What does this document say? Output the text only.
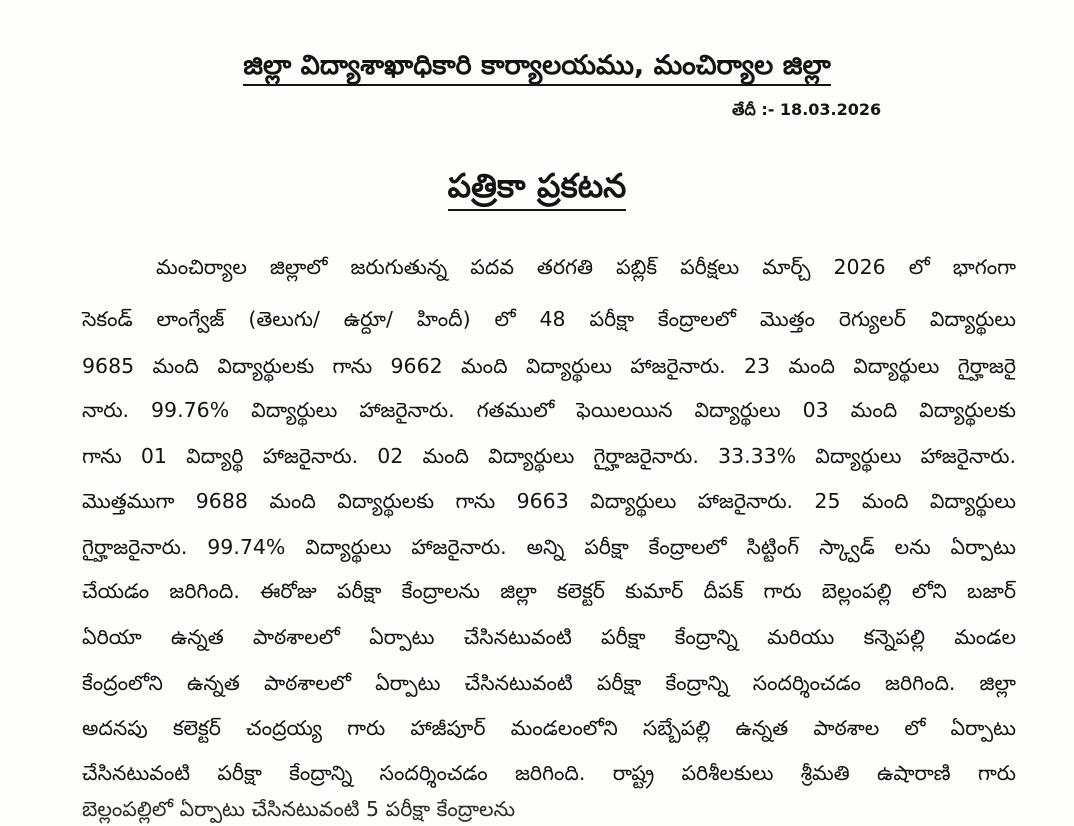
జిల్లా విద్యాశాఖాధికారి కార్యాలయము, మంచిర్యాల జిల్లా
తేదీ :- 18.03.2026
పత్రికా ప్రకటన
మంచిర్యాల జిల్లాలో జరుగుతున్న పదవ తరగతి పబ్లిక్ పరీక్షలు మార్చ్ 2026 లో భాగంగా
సెకండ్ లాంగ్వేజ్ (తెలుగు/ ఉర్దూ/ హిందీ) లో 48 పరీక్షా కేంద్రాలలో మొత్తం రెగ్యులర్ విద్యార్థులు
9685 మంది విద్యార్థులకు గాను 9662 మంది విద్యార్థులు హాజరైనారు. 23 మంది విద్యార్థులు గైర్హాజరై
నారు. 99.76% విద్యార్థులు హాజరైనారు. గతములో ఫెయిలయిన విద్యార్థులు 03 మంది విద్యార్థులకు
గాను 01 విద్యార్థి హాజరైనారు. 02 మంది విద్యార్థులు గైర్హాజరైనారు. 33.33% విద్యార్థులు హాజరైనారు.
మొత్తముగా 9688 మంది విద్యార్థులకు గాను 9663 విద్యార్థులు హాజరైనారు. 25 మంది విద్యార్థులు
గైర్హాజరైనారు. 99.74% విద్యార్థులు హాజరైనారు. అన్ని పరీక్షా కేంద్రాలలో సిట్టింగ్ స్క్వాడ్ లను ఏర్పాటు
చేయడం జరిగింది. ఈరోజు పరీక్షా కేంద్రాలను జిల్లా కలెక్టర్ కుమార్ దీపక్ గారు బెల్లంపల్లి లోని బజార్
ఏరియా ఉన్నత పాఠశాలలో ఏర్పాటు చేసినటువంటి పరీక్షా కేంద్రాన్ని మరియు కన్నెపల్లి మండల
కేంద్రంలోని ఉన్నత పాఠశాలలో ఏర్పాటు చేసినటువంటి పరీక్షా కేంద్రాన్ని సందర్శించడం జరిగింది. జిల్లా
అదనపు కలెక్టర్ చంద్రయ్య గారు హాజీపూర్ మండలంలోని సబ్బేపల్లి ఉన్నత పాఠశాల లో ఏర్పాటు
చేసినటువంటి పరీక్షా కేంద్రాన్ని సందర్శించడం జరిగింది. రాష్ట్ర పరిశీలకులు శ్రీమతి ఉషారాణి గారు
బెల్లంపల్లిలో ఏర్పాటు చేసినటువంటి 5 పరీక్షా కేంద్రాలను
